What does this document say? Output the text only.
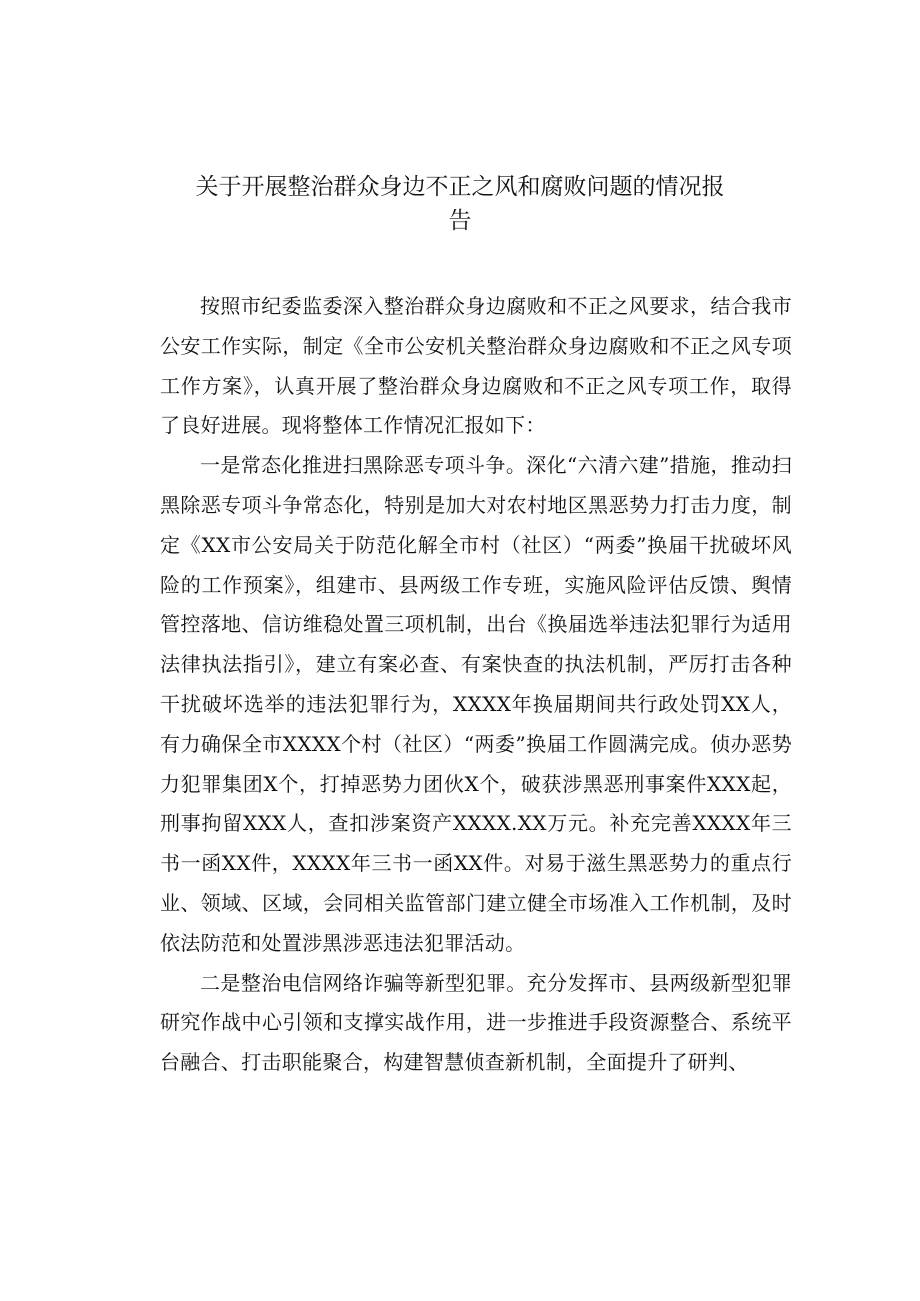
关于开展整治群众身边不正之风和腐败问题的情况报
告

按照市纪委监委深入整治群众身边腐败和不正之风要求，结合我市公安工作实际，制定《全市公安机关整治群众身边腐败和不正之风专项工作方案》，认真开展了整治群众身边腐败和不正之风专项工作，取得了良好进展。现将整体工作情况汇报如下：

一是常态化推进扫黑除恶专项斗争。深化“六清六建”措施，推动扫黑除恶专项斗争常态化，特别是加大对农村地区黑恶势力打击力度，制定《XX市公安局关于防范化解全市村（社区）“两委”换届干扰破坏风险的工作预案》，组建市、县两级工作专班，实施风险评估反馈、舆情管控落地、信访维稳处置三项机制，出台《换届选举违法犯罪行为适用法律执法指引》，建立有案必查、有案快查的执法机制，严厉打击各种干扰破坏选举的违法犯罪行为，XXXX年换届期间共行政处罚XX人，有力确保全市XXXX个村（社区）“两委”换届工作圆满完成。侦办恶势力犯罪集团X个，打掉恶势力团伙X个，破获涉黑恶刑事案件XXX起，刑事拘留XXX人，查扣涉案资产XXXX.XX万元。补充完善XXXX年三书一函XX件，XXXX年三书一函XX件。对易于滋生黑恶势力的重点行业、领域、区域，会同相关监管部门建立健全市场准入工作机制，及时依法防范和处置涉黑涉恶违法犯罪活动。

二是整治电信网络诈骗等新型犯罪。充分发挥市、县两级新型犯罪研究作战中心引领和支撑实战作用，进一步推进手段资源整合、系统平台融合、打击职能聚合，构建智慧侦查新机制，全面提升了研判、
